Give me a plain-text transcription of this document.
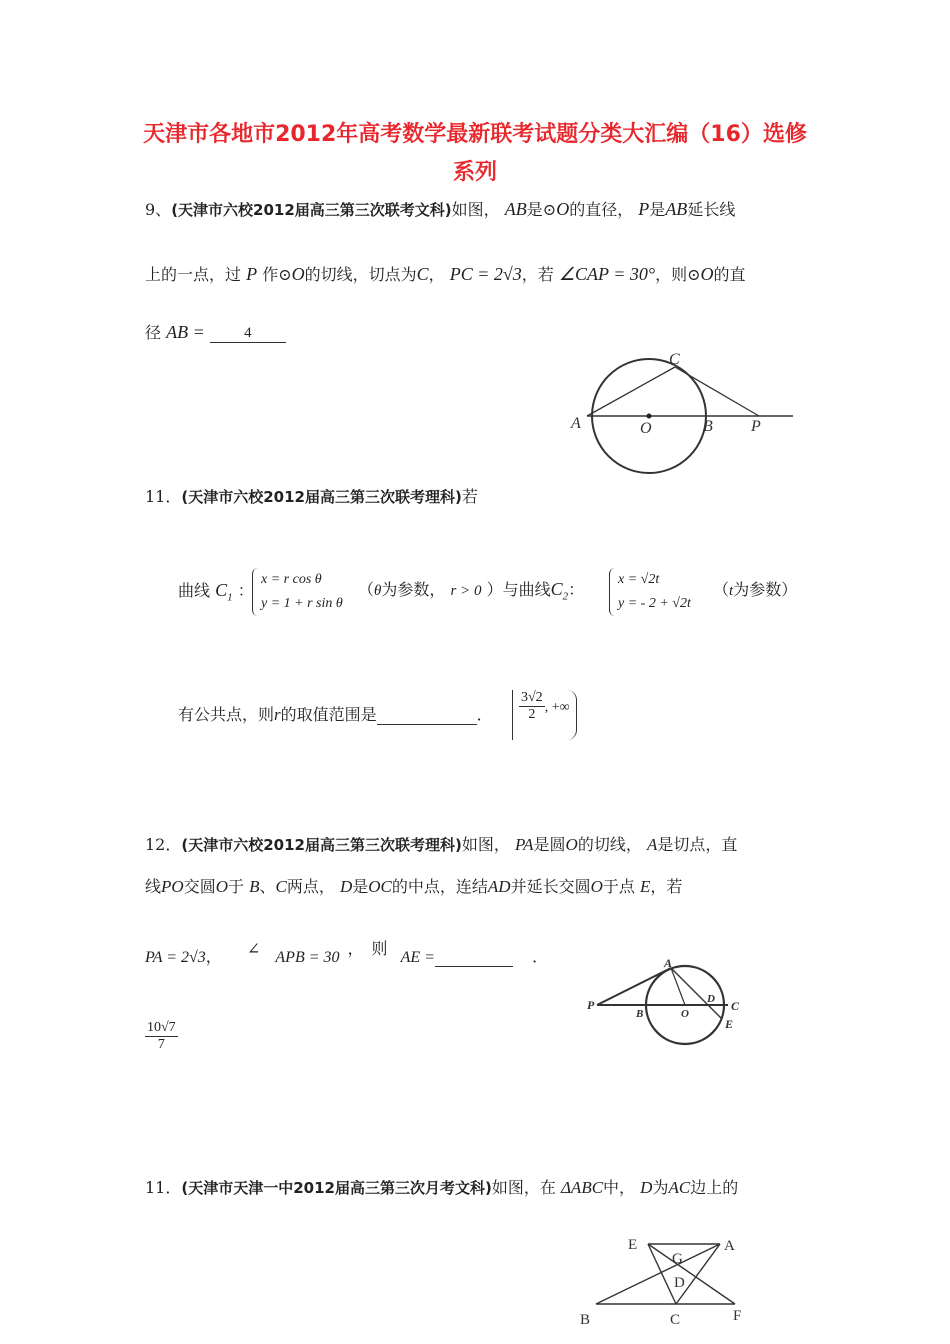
天津市各地市2012年高考数学最新联考试题分类大汇编（16）选修
系列
9、(天津市六校2012届高三第三次联考文科)如图， AB是⊙O的直径， P是AB延长线
上的一点，过 P 作⊙O的切线，切点为C， PC = 2√3，若 ∠CAP = 30°，则⊙O的直
径 AB =	4
A	O	B P
C
11．(天津市六校2012届高三第三次联考理科)若
曲线 $C_1$ ：
x = r cos θ
y = 1 + r sin θ
（θ为参数， r > 0 ）与曲线$C_2$：
x = √2t
y = - 2 + √2t
（t为参数）
有公共点，则r的取值范围是	． $\frac{3√2}{2}$ , +∞
12．(天津市六校2012届高三第三次联考理科)如图， PA是圆O的切线， A是切点，直
线PO交圆O于 B、C两点， D是OC的中点，连结AD并延长交圆O于点 E，若
PA = 2√3， ∠ APB = 30 ，　则 AE =	．
$\frac{10√7}{7}$
A
P
B	O
D C
E
11．(天津市天津一中2012届高三第三次月考文科)如图，在 ΔABC中， D为AC边上的
E
G
A
D
B	C	F
